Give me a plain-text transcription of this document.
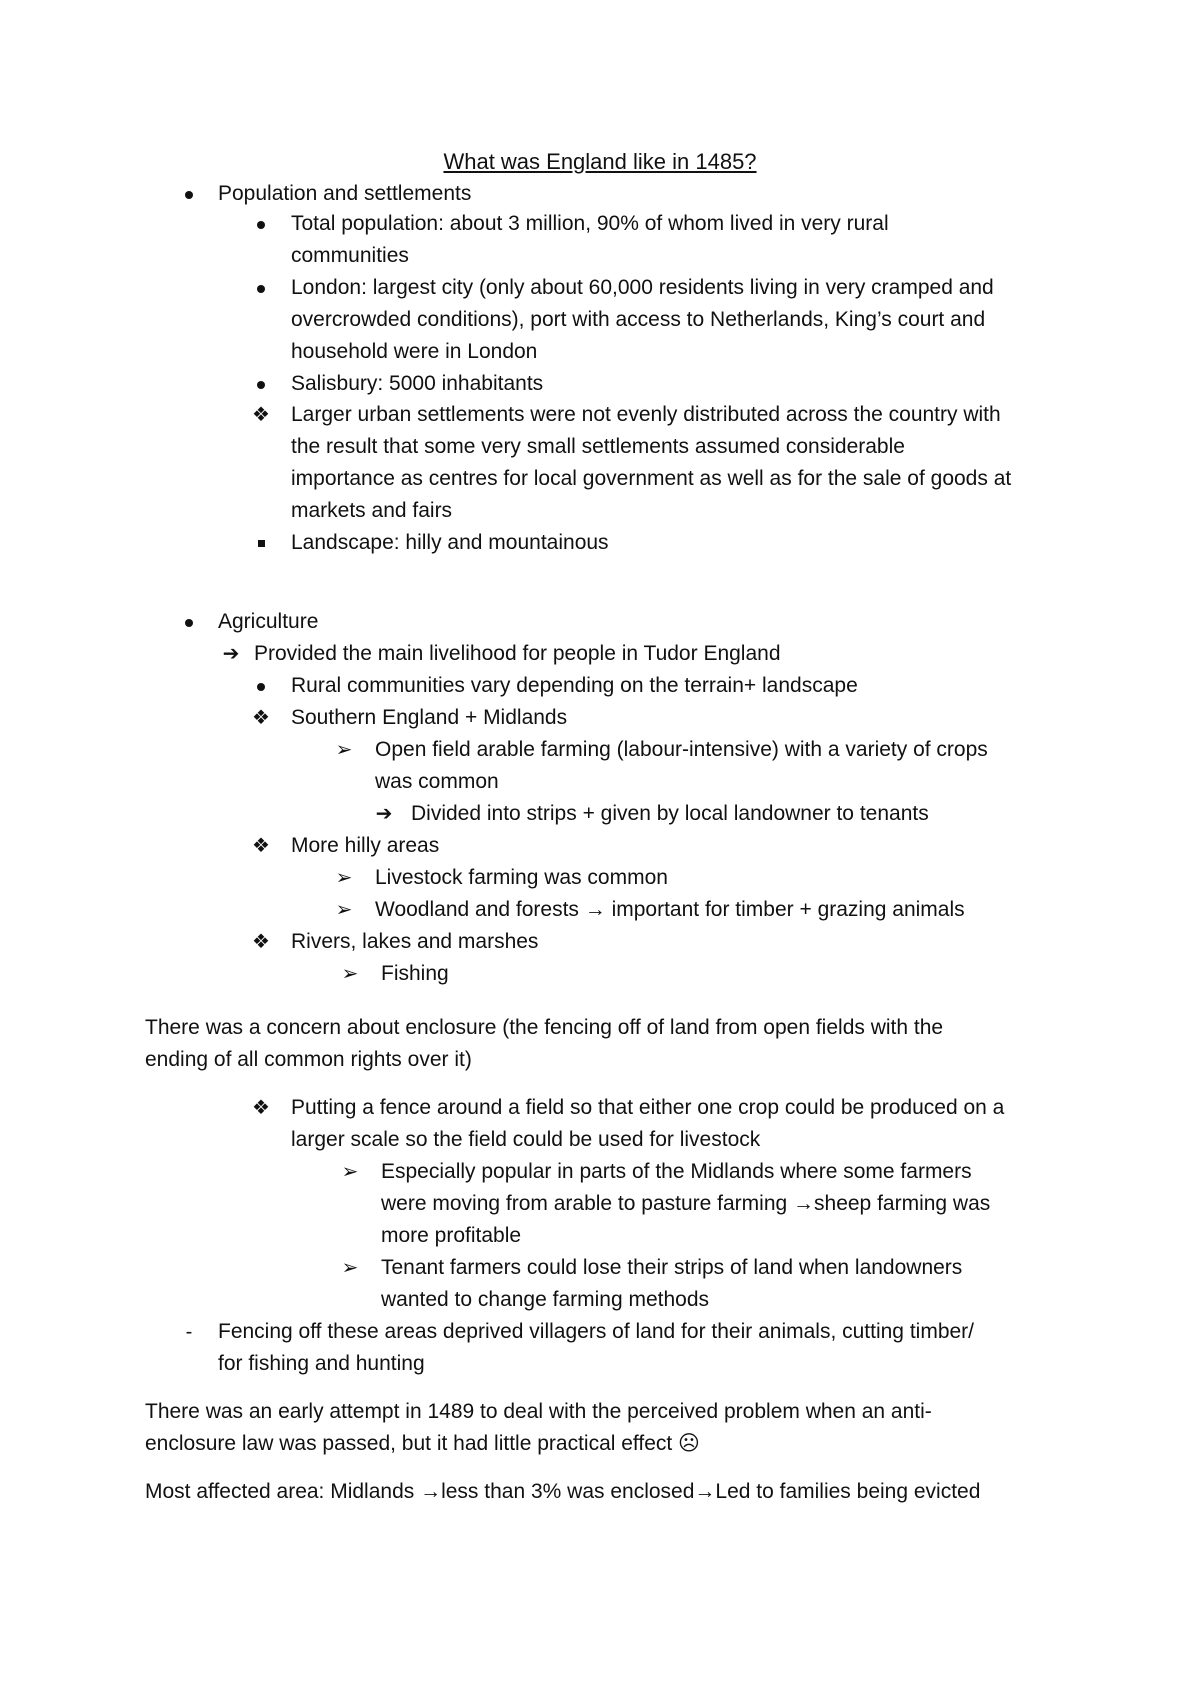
What was England like in 1485?
Population and settlements
Total population: about 3 million, 90% of whom lived in very rural
communities
London: largest city (only about 60,000 residents living in very cramped and
overcrowded conditions), port with access to Netherlands, King’s court and
household were in London
Salisbury: 5000 inhabitants
❖ Larger urban settlements were not evenly distributed across the country with
the result that some very small settlements assumed considerable
importance as centres for local government as well as for the sale of goods at
markets and fairs
Landscape: hilly and mountainous
Agriculture
➔ Provided the main livelihood for people in Tudor England
Rural communities vary depending on the terrain+ landscape
❖ Southern England + Midlands
➢ Open field arable farming (labour-intensive) with a variety of crops
was common
➔ Divided into strips + given by local landowner to tenants
❖ More hilly areas
➢ Livestock farming was common
➢ Woodland and forests → important for timber + grazing animals
❖ Rivers, lakes and marshes
➢ Fishing
There was a concern about enclosure (the fencing off of land from open fields with the
ending of all common rights over it)
❖ Putting a fence around a field so that either one crop could be produced on a
larger scale so the field could be used for livestock
➢ Especially popular in parts of the Midlands where some farmers
were moving from arable to pasture farming →sheep farming was
more profitable
➢ Tenant farmers could lose their strips of land when landowners
wanted to change farming methods
-	Fencing off these areas deprived villagers of land for their animals, cutting timber/
for fishing and hunting
There was an early attempt in 1489 to deal with the perceived problem when an anti-
enclosure law was passed, but it had little practical effect ☹
Most affected area: Midlands →less than 3% was enclosed→Led to families being evicted
